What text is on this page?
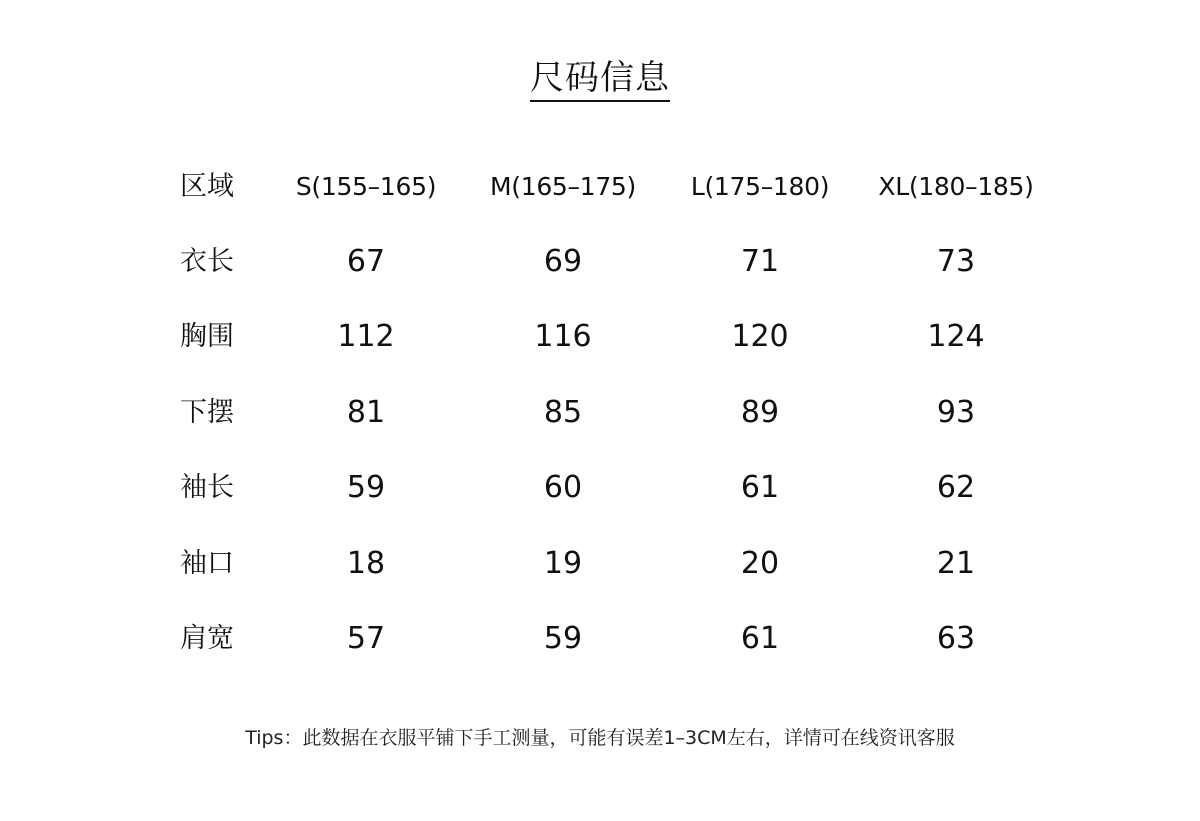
尺码信息
区域	S(155–165)	M(165–175)	L(175–180)	XL(180–185)
衣长	67	69	71	73
胸围	112	116	120	124
下摆	81	85	89	93
袖长	59	60	61	62
袖口	18	19	20	21
肩宽	57	59	61	63
Tips：此数据在衣服平铺下手工测量，可能有误差1–3CM左右，详情可在线资讯客服
